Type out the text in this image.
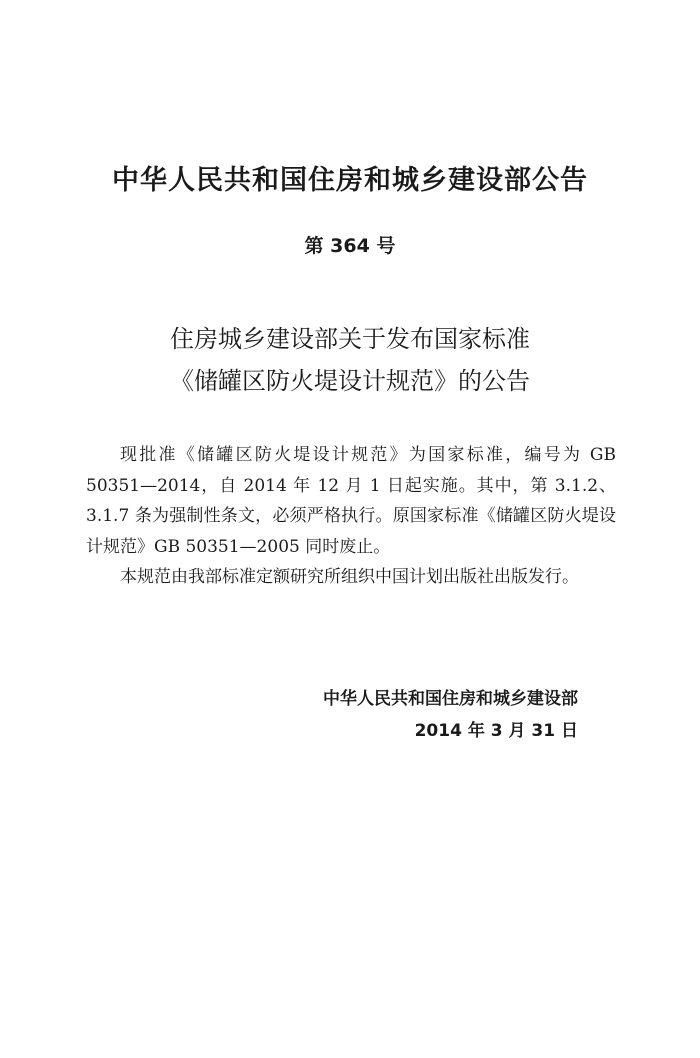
中华人民共和国住房和城乡建设部公告
第 364 号
住房城乡建设部关于发布国家标准
《储罐区防火堤设计规范》的公告

现批准《储罐区防火堤设计规范》为国家标准，编号为 GB 50351—2014，自 2014 年 12 月 1 日起实施。其中，第 3.1.2、3.1.7 条为强制性条文，必须严格执行。原国家标准《储罐区防火堤设计规范》GB 50351—2005 同时废止。

本规范由我部标准定额研究所组织中国计划出版社出版发行。

中华人民共和国住房和城乡建设部
2014 年 3 月 31 日
